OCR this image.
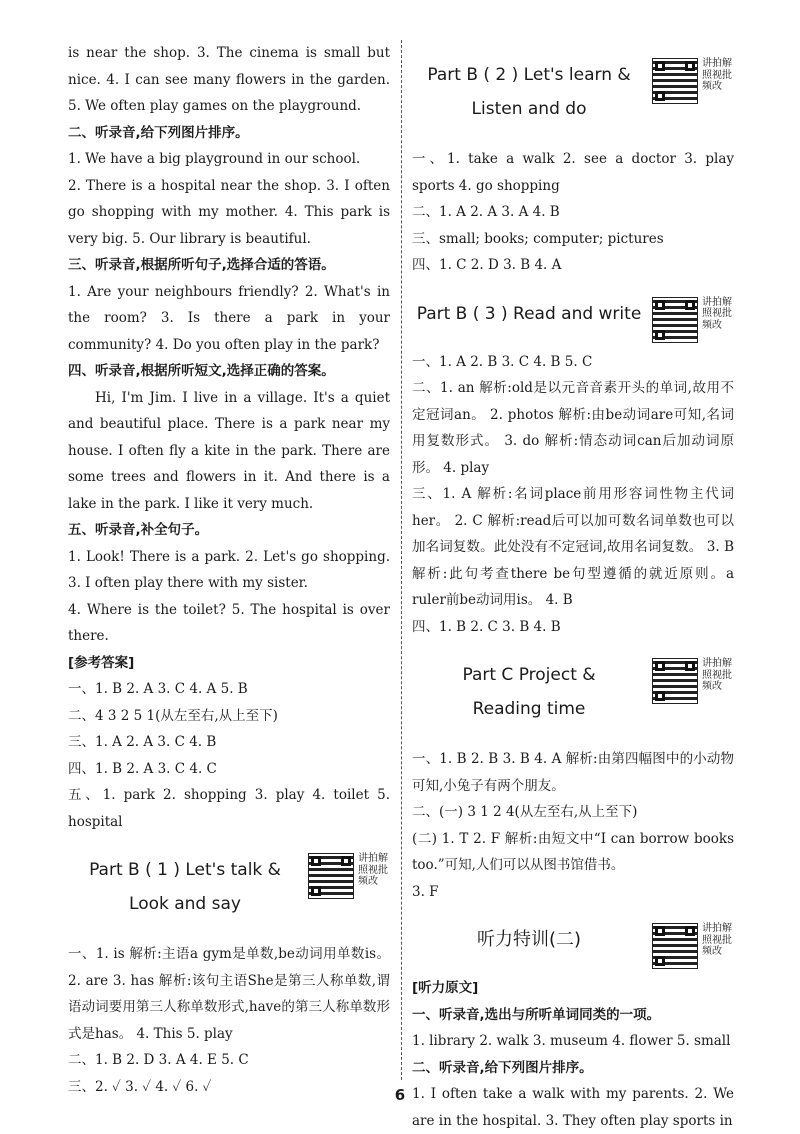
is near the shop. 3. The cinema is small but nice. 4. I can see many flowers in the garden. 5. We often play games on the playground.

二、听录音,给下列图片排序。

1. We have a big playground in our school.

2. There is a hospital near the shop. 3. I often go shopping with my mother. 4. This park is very big. 5. Our library is beautiful.

三、听录音,根据所听句子,选择合适的答语。

1. Are your neighbours friendly? 2. What's in the room? 3. Is there a park in your community? 4. Do you often play in the park?

四、听录音,根据所听短文,选择正确的答案。

Hi, I'm Jim. I live in a village. It's a quiet and beautiful place. There is a park near my house. I often fly a kite in the park. There are some trees and flowers in it. And there is a lake in the park. I like it very much.

五、听录音,补全句子。

1. Look! There is a park. 2. Let's go shopping. 3. I often play there with my sister.

4. Where is the toilet? 5. The hospital is over there.

[参考答案]

一、1. B 2. A 3. C 4. A 5. B

二、4 3 2 5 1(从左至右,从上至下)

三、1. A 2. A 3. C 4. B

四、1. B 2. A 3. C 4. C

五、1. park 2. shopping 3. play 4. toilet 5. hospital

Part B ( 1 ) Let's talk &
Look and say
讲拍解照视批频改

一、1. is 解析:主语a gym是单数,be动词用单数is。 2. are 3. has 解析:该句主语She是第三人称单数,谓语动词要用第三人称单数形式,have的第三人称单数形式是has。 4. This 5. play

二、1. B 2. D 3. A 4. E 5. C

三、2. ✓ 3. ✓ 4. ✓ 6. ✓

Part B ( 2 ) Let's learn &
Listen and do
讲拍解照视批频改

一、1. take a walk 2. see a doctor 3. play sports 4. go shopping

二、1. A 2. A 3. A 4. B

三、small; books; computer; pictures

四、1. C 2. D 3. B 4. A

Part B ( 3 ) Read and write
讲拍解照视批频改

一、1. A 2. B 3. C 4. B 5. C

二、1. an 解析:old是以元音音素开头的单词,故用不定冠词an。 2. photos 解析:由be动词are可知,名词用复数形式。 3. do 解析:情态动词can后加动词原形。 4. play

三、1. A 解析:名词place前用形容词性物主代词her。 2. C 解析:read后可以加可数名词单数也可以加名词复数。此处没有不定冠词,故用名词复数。 3. B 解析:此句考查there be句型遵循的就近原则。a ruler前be动词用is。 4. B

四、1. B 2. C 3. B 4. B

Part C Project &
Reading time
讲拍解照视批频改

一、1. B 2. B 3. B 4. A 解析:由第四幅图中的小动物可知,小兔子有两个朋友。

二、(一) 3 1 2 4(从左至右,从上至下)

(二) 1. T 2. F 解析:由短文中“I can borrow books too.”可知,人们可以从图书馆借书。

3. F

听力特训(二)
讲拍解照视批频改

[听力原文]

一、听录音,选出与所听单词同类的一项。

1. library 2. walk 3. museum 4. flower 5. small

二、听录音,给下列图片排序。

1. I often take a walk with my parents. 2. We are in the hospital. 3. They often play sports in

6
